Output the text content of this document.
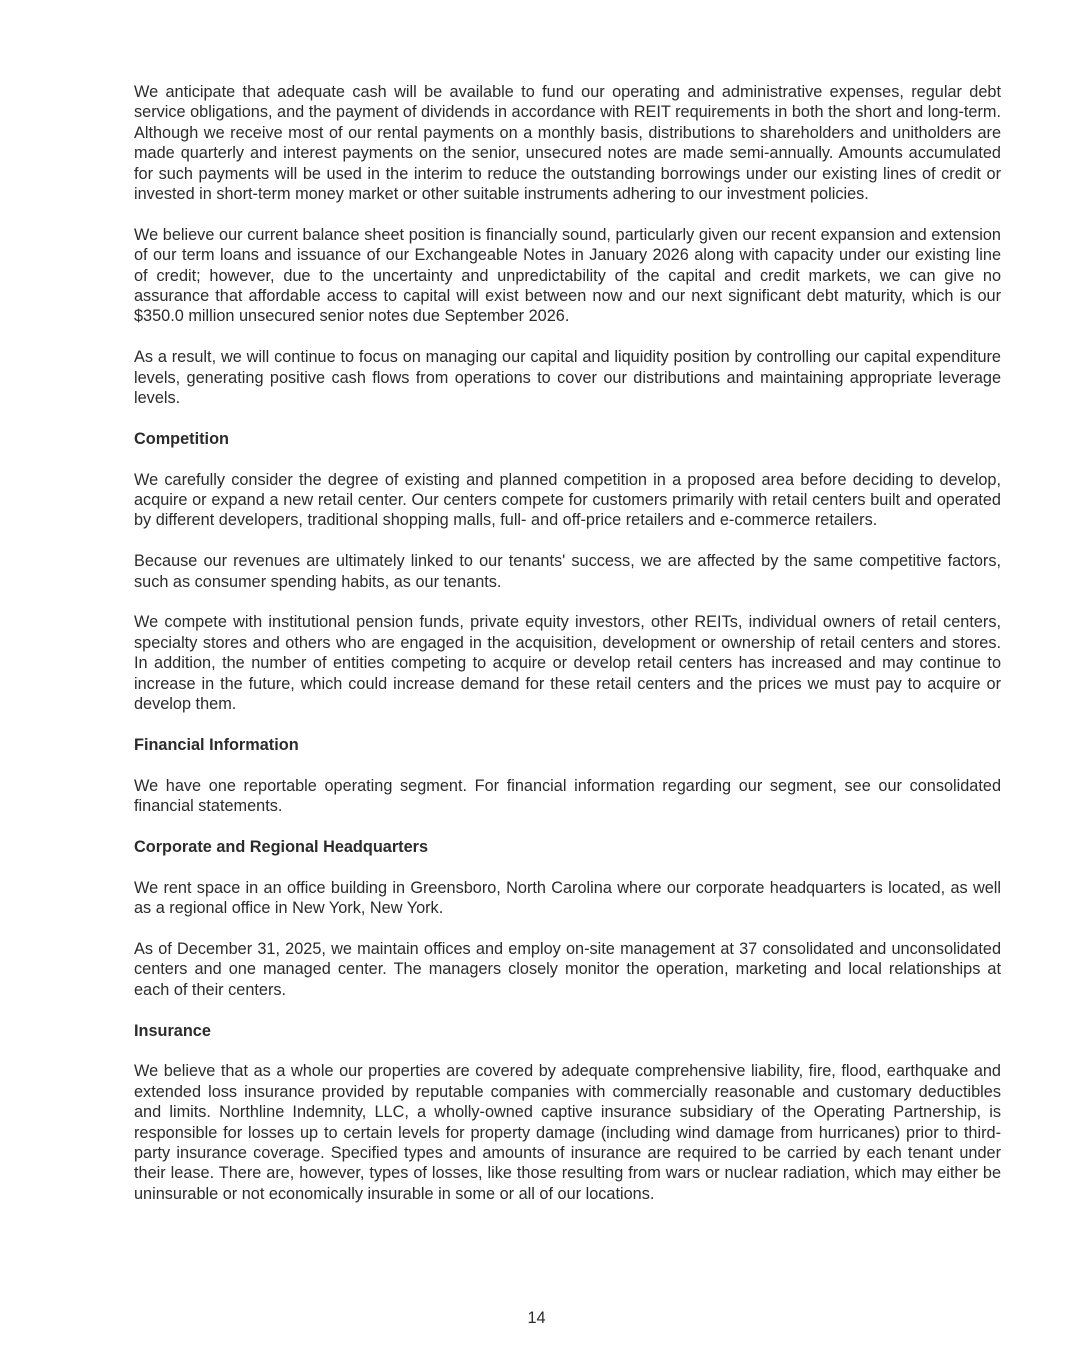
We anticipate that adequate cash will be available to fund our operating and administrative expenses, regular debt service obligations, and the payment of dividends in accordance with REIT requirements in both the short and long-term. Although we receive most of our rental payments on a monthly basis, distributions to shareholders and unitholders are made quarterly and interest payments on the senior, unsecured notes are made semi-annually. Amounts accumulated for such payments will be used in the interim to reduce the outstanding borrowings under our existing lines of credit or invested in short-term money market or other suitable instruments adhering to our investment policies.

We believe our current balance sheet position is financially sound, particularly given our recent expansion and extension of our term loans and issuance of our Exchangeable Notes in January 2026 along with capacity under our existing line of credit; however, due to the uncertainty and unpredictability of the capital and credit markets, we can give no assurance that affordable access to capital will exist between now and our next significant debt maturity, which is our $350.0 million unsecured senior notes due September 2026.

As a result, we will continue to focus on managing our capital and liquidity position by controlling our capital expenditure levels, generating positive cash flows from operations to cover our distributions and maintaining appropriate leverage levels.

Competition

We carefully consider the degree of existing and planned competition in a proposed area before deciding to develop, acquire or expand a new retail center. Our centers compete for customers primarily with retail centers built and operated by different developers, traditional shopping malls, full- and off-price retailers and e-commerce retailers.

Because our revenues are ultimately linked to our tenants' success, we are affected by the same competitive factors, such as consumer spending habits, as our tenants.

We compete with institutional pension funds, private equity investors, other REITs, individual owners of retail centers, specialty stores and others who are engaged in the acquisition, development or ownership of retail centers and stores. In addition, the number of entities competing to acquire or develop retail centers has increased and may continue to increase in the future, which could increase demand for these retail centers and the prices we must pay to acquire or develop them.

Financial Information

We have one reportable operating segment. For financial information regarding our segment, see our consolidated financial statements.

Corporate and Regional Headquarters

We rent space in an office building in Greensboro, North Carolina where our corporate headquarters is located, as well as a regional office in New York, New York.

As of December 31, 2025, we maintain offices and employ on-site management at 37 consolidated and unconsolidated centers and one managed center. The managers closely monitor the operation, marketing and local relationships at each of their centers.

Insurance

We believe that as a whole our properties are covered by adequate comprehensive liability, fire, flood, earthquake and extended loss insurance provided by reputable companies with commercially reasonable and customary deductibles and limits. Northline Indemnity, LLC, a wholly-owned captive insurance subsidiary of the Operating Partnership, is responsible for losses up to certain levels for property damage (including wind damage from hurricanes) prior to third-party insurance coverage. Specified types and amounts of insurance are required to be carried by each tenant under their lease. There are, however, types of losses, like those resulting from wars or nuclear radiation, which may either be uninsurable or not economically insurable in some or all of our locations.

14
